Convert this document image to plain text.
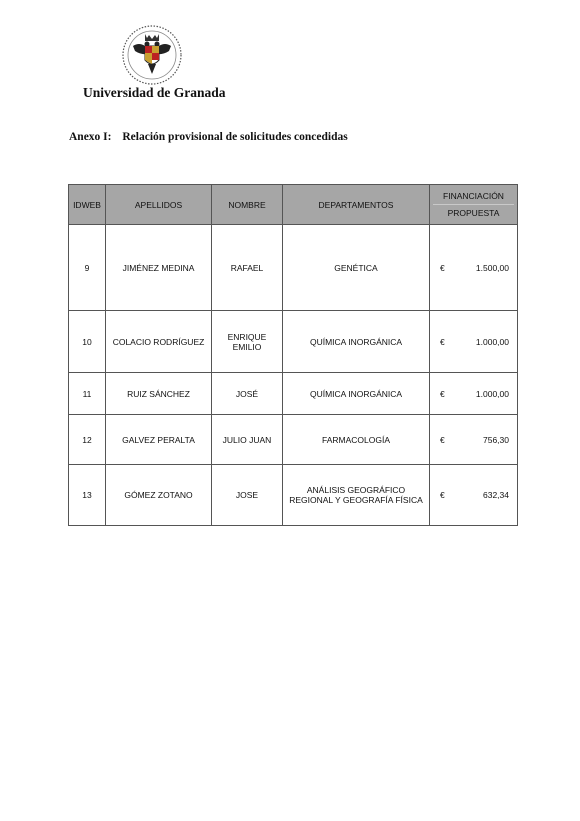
Universidad de Granada
Anexo I: Relación provisional de solicitudes concedidas
IDWEB	APELLIDOS	NOMBRE	DEPARTAMENTOS	FINANCIACIÓN
PROPUESTA

9	JIMÉNEZ MEDINA	RAFAEL	GENÉTICA	€ 1.500,00

10	COLACIO RODRÍGUEZ	ENRIQUE EMILIO	QUÍMICA INORGÁNICA	€ 1.000,00

11	RUIZ SÁNCHEZ	JOSÉ	QUÍMICA INORGÁNICA	€ 1.000,00

12	GALVEZ PERALTA	JULIO JUAN	FARMACOLOGÍA	€ 756,30

13	GÓMEZ ZOTANO	JOSE	ANÁLISIS GEOGRÁFICO REGIONAL Y GEOGRAFÍA FÍSICA	€ 632,34
